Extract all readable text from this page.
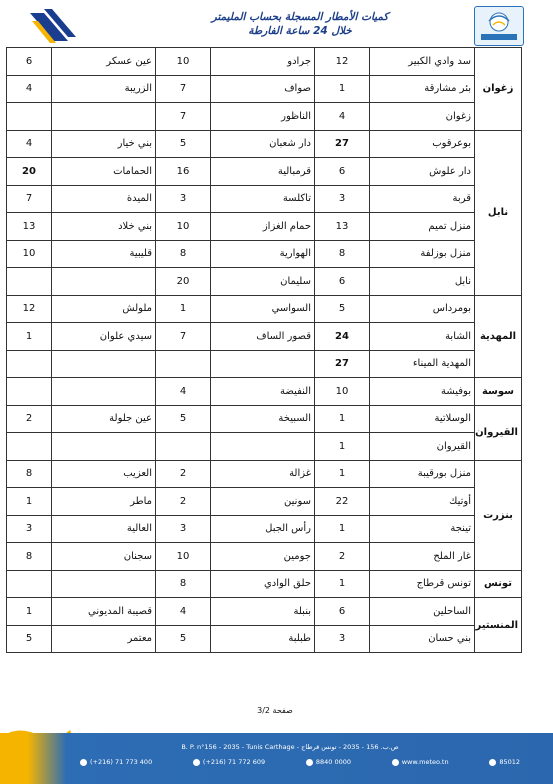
كميات الأمطار المسجلة بحساب المليمتر
خلال 24 ساعة الفارطة
زغوان	سد وادي الكبير	12	جرادو	10	عين عسكر	6
	بئر مشارقة	1	صواف	7	الزريبة	4
	زغوان	4	الناظور	7		
نابل	بوعرقوب	27	دار شعبان	5	بني خيار	4
	دار علوش	6	قرمبالية	16	الحمامات	20
	قربة	3	تاكلسة	3	الميدة	7
	منزل تميم	13	حمام الغزاز	10	بني خلاد	13
	منزل بوزلفة	8	الهوارية	8	قليبية	10
	نابل	6	سليمان	20		
المهدية	بومرداس	5	السواسي	1	ملولش	12
	الشابة	24	قصور الساف	7	سيدي علوان	1
	المهدية الميناء	27				
سوسة	بوفيشة	10	النفيضة	4		
القيروان	الوسلاتية	1	السبيخة	5	عين جلولة	2
	القيروان	1				
بنزرت	منزل بورقيبة	1	غزالة	2	العزيب	8
	أوتيك	22	سونين	2	ماطر	1
	تينجة	1	رأس الجبل	3	العالية	3
	غار الملح	2	جومين	10	سجنان	8
تونس	تونس قرطاج	1	حلق الوادي	8		
المنستير	الساحلين	6	بنبلة	4	قصيبة المديوني	1
	بني حسان	3	طبلبة	5	معتمر	5
صفحة 3/2
B. P. n°156 - 2035 - Tunis Carthage - ص.ب. 156 - 2035 - تونس قرطاج
(+216) 71 773 400	(+216) 71 772 609	8840 0000	www.meteo.tn	85012
